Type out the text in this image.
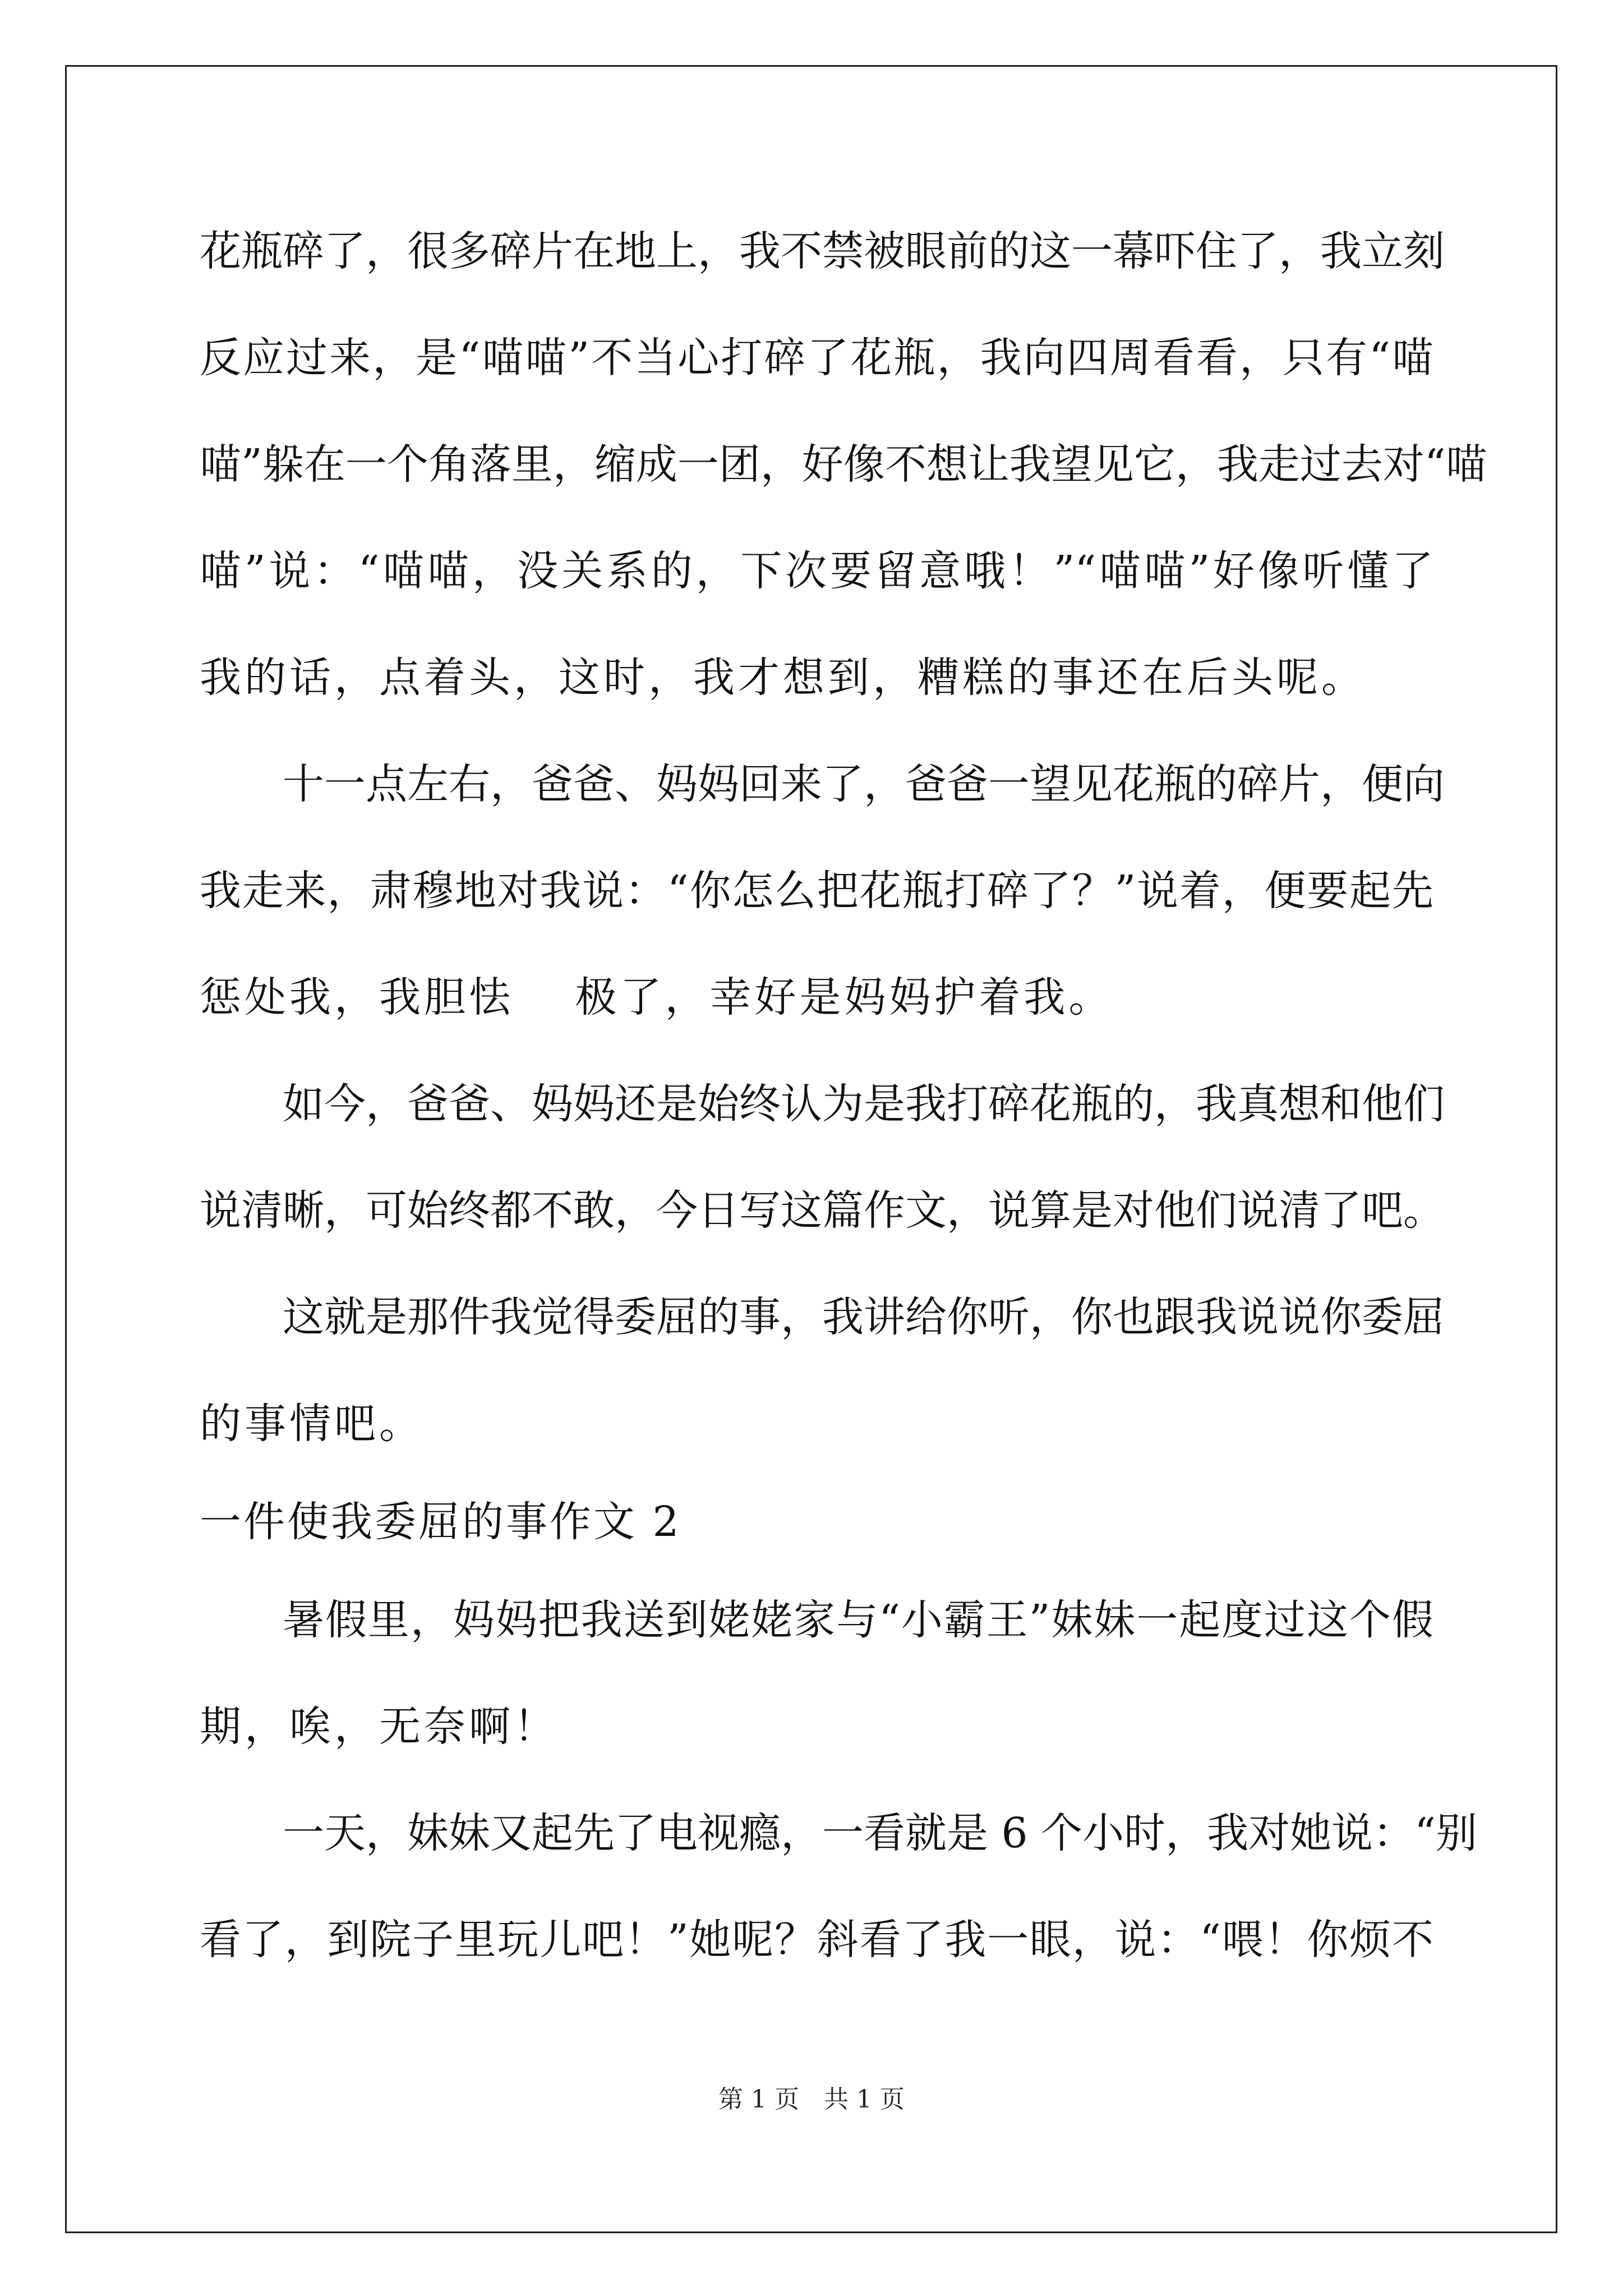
花瓶碎了，很多碎片在地上，我不禁被眼前的这一幕吓住了，我立刻
反应过来，是“喵喵”不当心打碎了花瓶，我向四周看看，只有“喵
喵”躲在一个角落里，缩成一团，好像不想让我望见它，我走过去对“喵
喵”说：“喵喵，没关系的，下次要留意哦！”“喵喵”好像听懂了
我的话，点着头，这时，我才想到，糟糕的事还在后头呢。
十一点左右，爸爸、妈妈回来了，爸爸一望见花瓶的碎片，便向
我走来，肃穆地对我说：“你怎么把花瓶打碎了？”说着，便要起先
惩处我，我胆怯　 极了，幸好是妈妈护着我。
如今，爸爸、妈妈还是始终认为是我打碎花瓶的，我真想和他们
说清晰，可始终都不敢，今日写这篇作文，说算是对他们说清了吧。
这就是那件我觉得委屈的事，我讲给你听，你也跟我说说你委屈
的事情吧。
一件使我委屈的事作文 2
暑假里，妈妈把我送到姥姥家与“小霸王”妹妹一起度过这个假
期，唉，无奈啊！
一天，妹妹又起先了电视瘾，一看就是 6 个小时，我对她说：“别
看了，到院子里玩儿吧！”她呢？斜看了我一眼，说：“喂！你烦不
第 1 页　共 1 页
